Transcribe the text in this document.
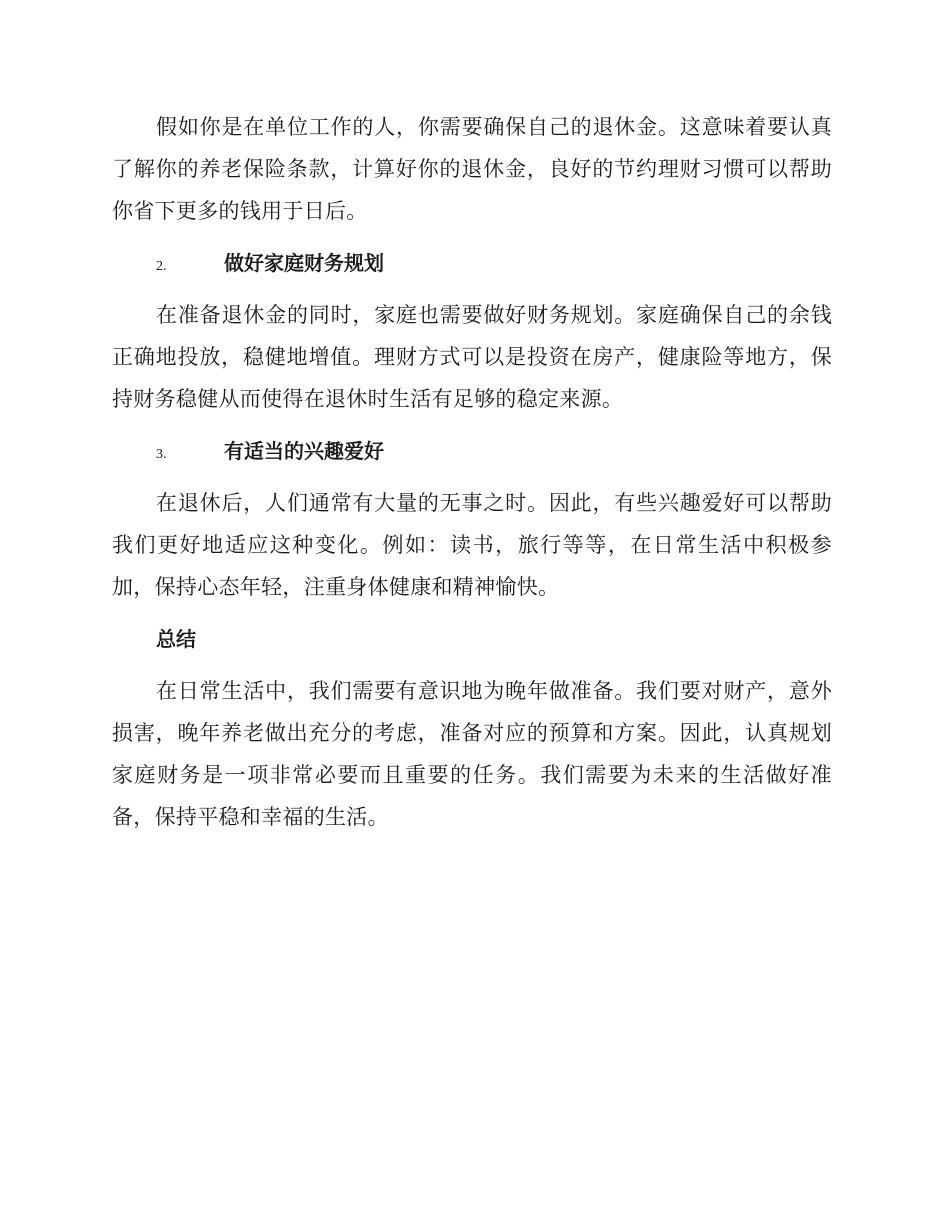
假如你是在单位工作的人，你需要确保自己的退休金。这意味着要认真了解你的养老保险条款，计算好你的退休金，良好的节约理财习惯可以帮助你省下更多的钱用于日后。

2.	做好家庭财务规划

在准备退休金的同时，家庭也需要做好财务规划。家庭确保自己的余钱正确地投放，稳健地增值。理财方式可以是投资在房产，健康险等地方，保持财务稳健从而使得在退休时生活有足够的稳定来源。

3.	有适当的兴趣爱好

在退休后，人们通常有大量的无事之时。因此，有些兴趣爱好可以帮助我们更好地适应这种变化。例如：读书，旅行等等，在日常生活中积极参加，保持心态年轻，注重身体健康和精神愉快。

总结

在日常生活中，我们需要有意识地为晚年做准备。我们要对财产，意外损害，晚年养老做出充分的考虑，准备对应的预算和方案。因此，认真规划家庭财务是一项非常必要而且重要的任务。我们需要为未来的生活做好准备，保持平稳和幸福的生活。
